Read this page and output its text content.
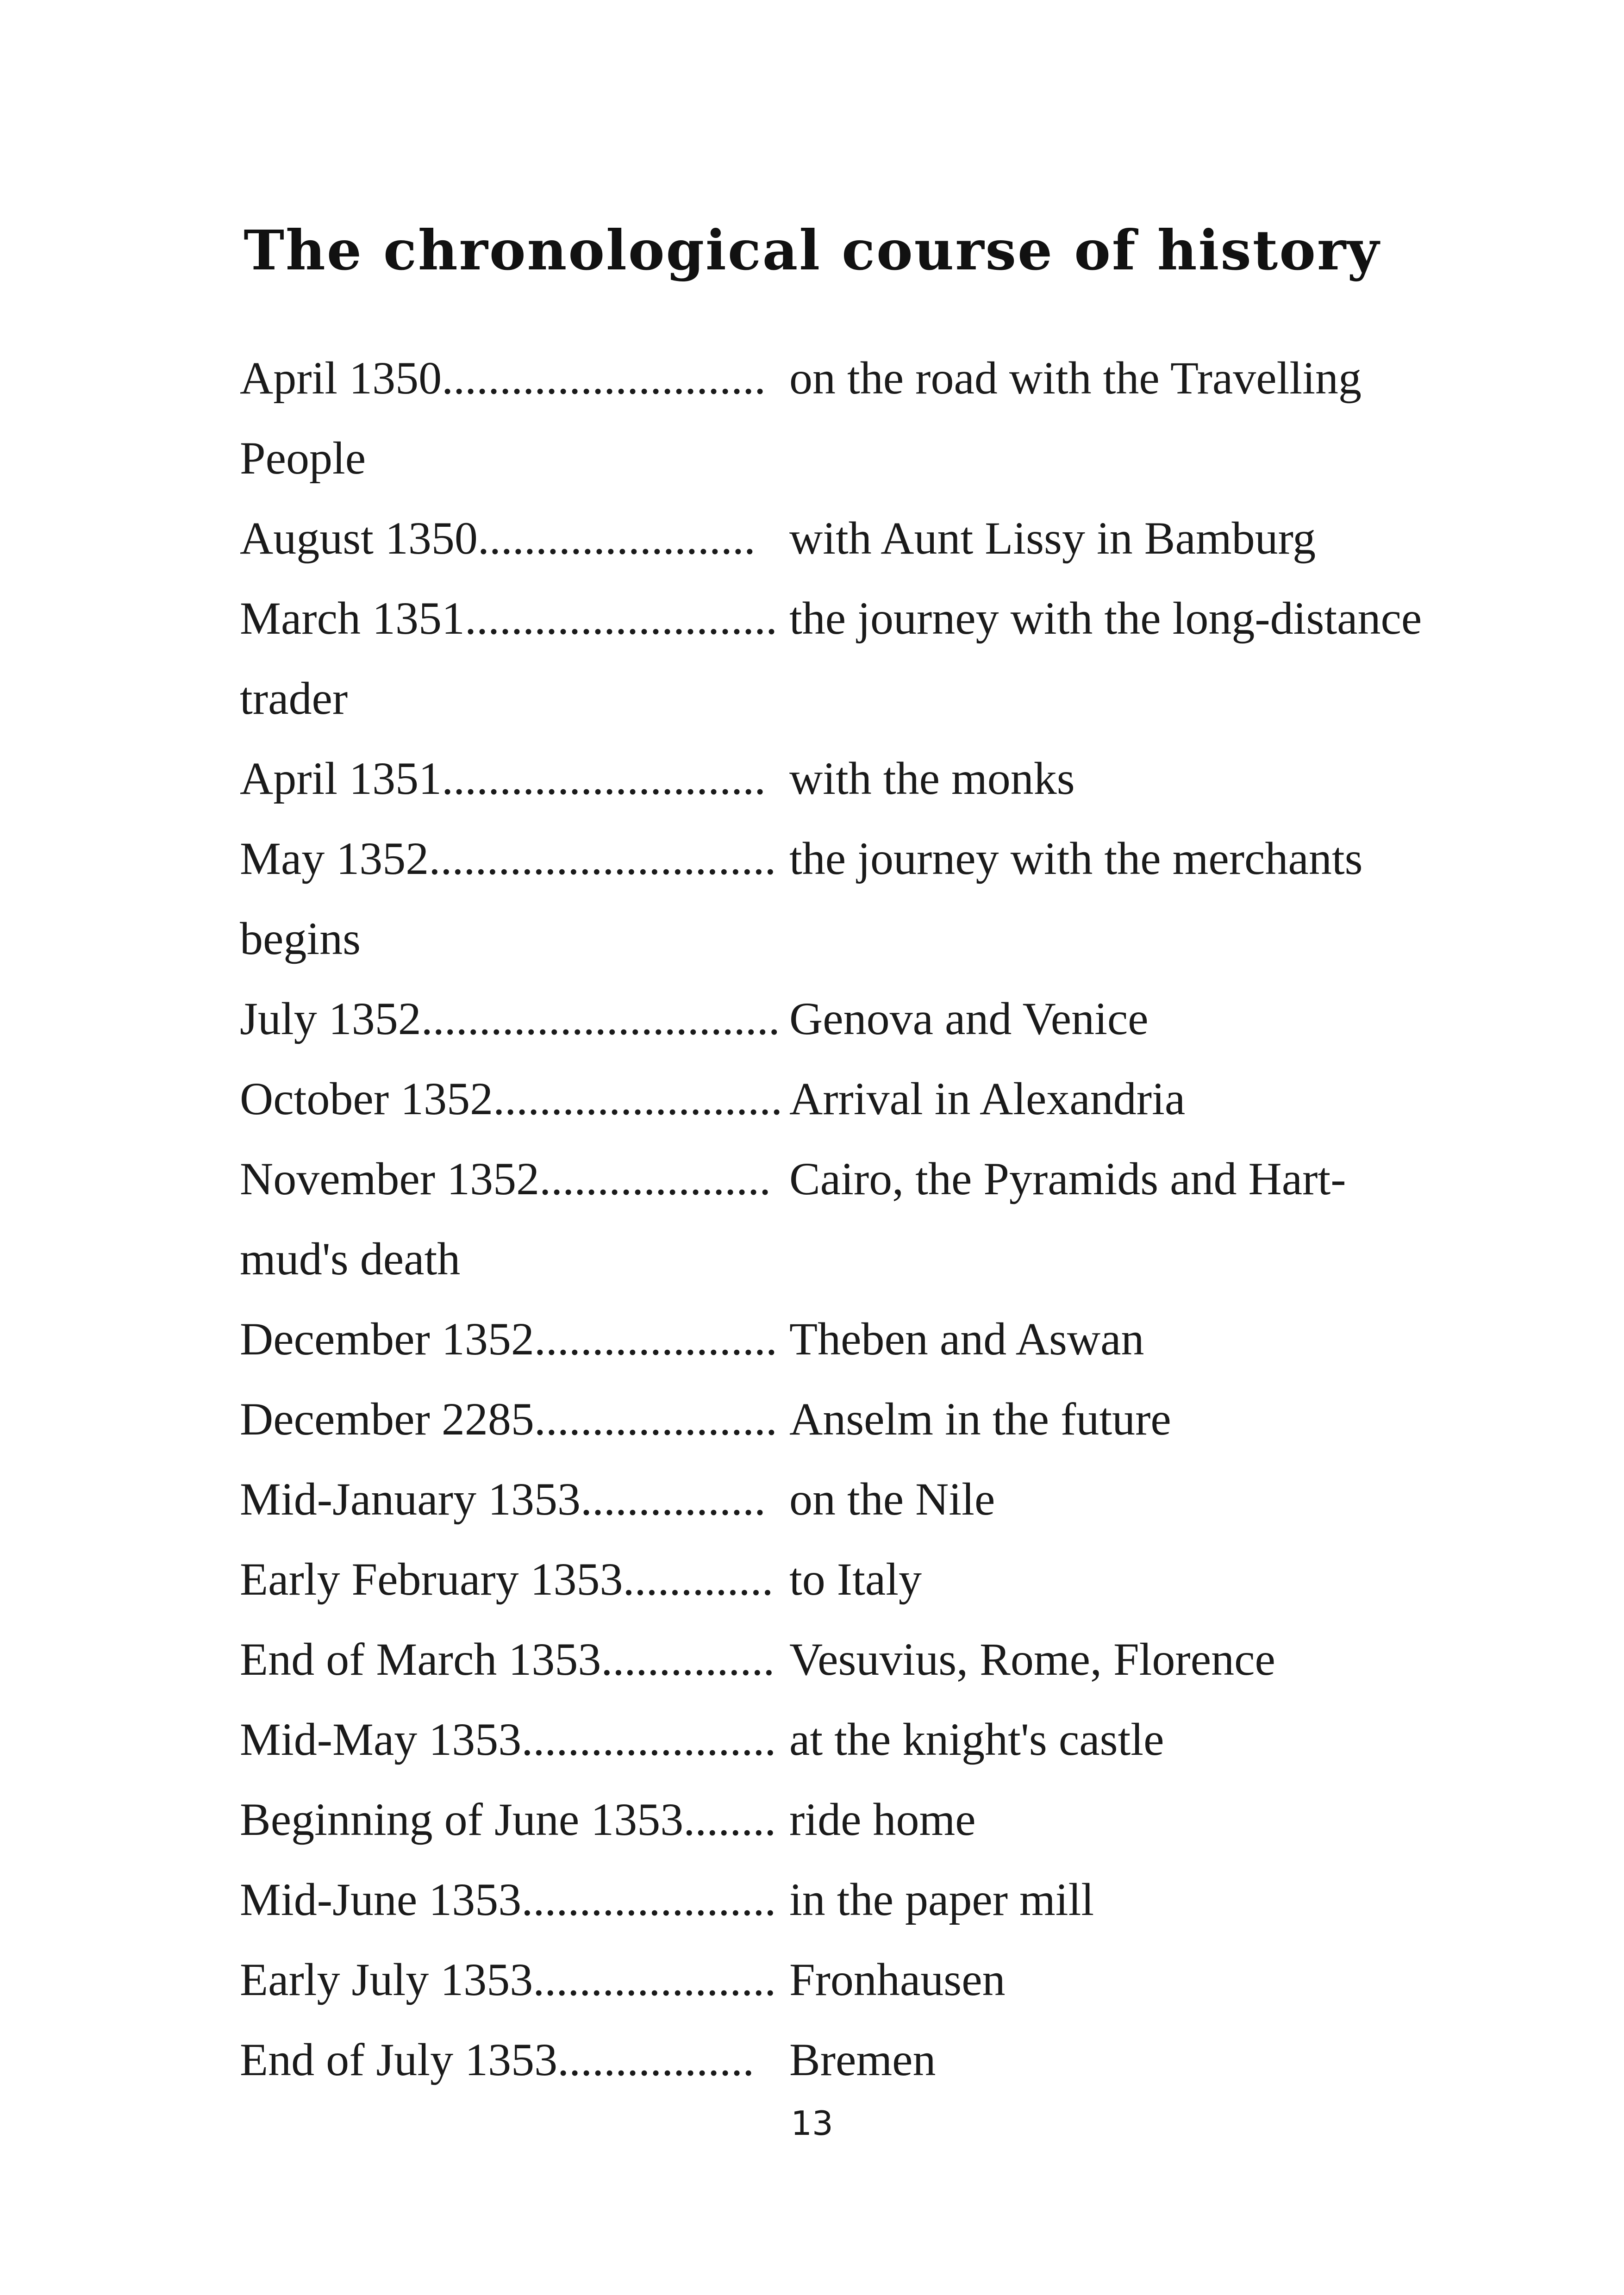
The chronological course of history
April 1350............................ on the road with the Travelling
People
August 1350........................ with Aunt Lissy in Bamburg
March 1351........................... the journey with the long-distance
trader
April 1351............................ with the monks
May 1352.............................. the journey with the merchants
begins
July 1352............................... Genova and Venice
October 1352......................... Arrival in Alexandria
November 1352.................... Cairo, the Pyramids and Hart-
mud's death
December 1352..................... Theben and Aswan
December 2285..................... Anselm in the future
Mid-January 1353................ on the Nile
Early February 1353............. to Italy
End of March 1353............... Vesuvius, Rome, Florence
Mid-May 1353...................... at the knight's castle
Beginning of June 1353........ ride home
Mid-June 1353...................... in the paper mill
Early July 1353..................... Fronhausen
End of July 1353................. Bremen
13
